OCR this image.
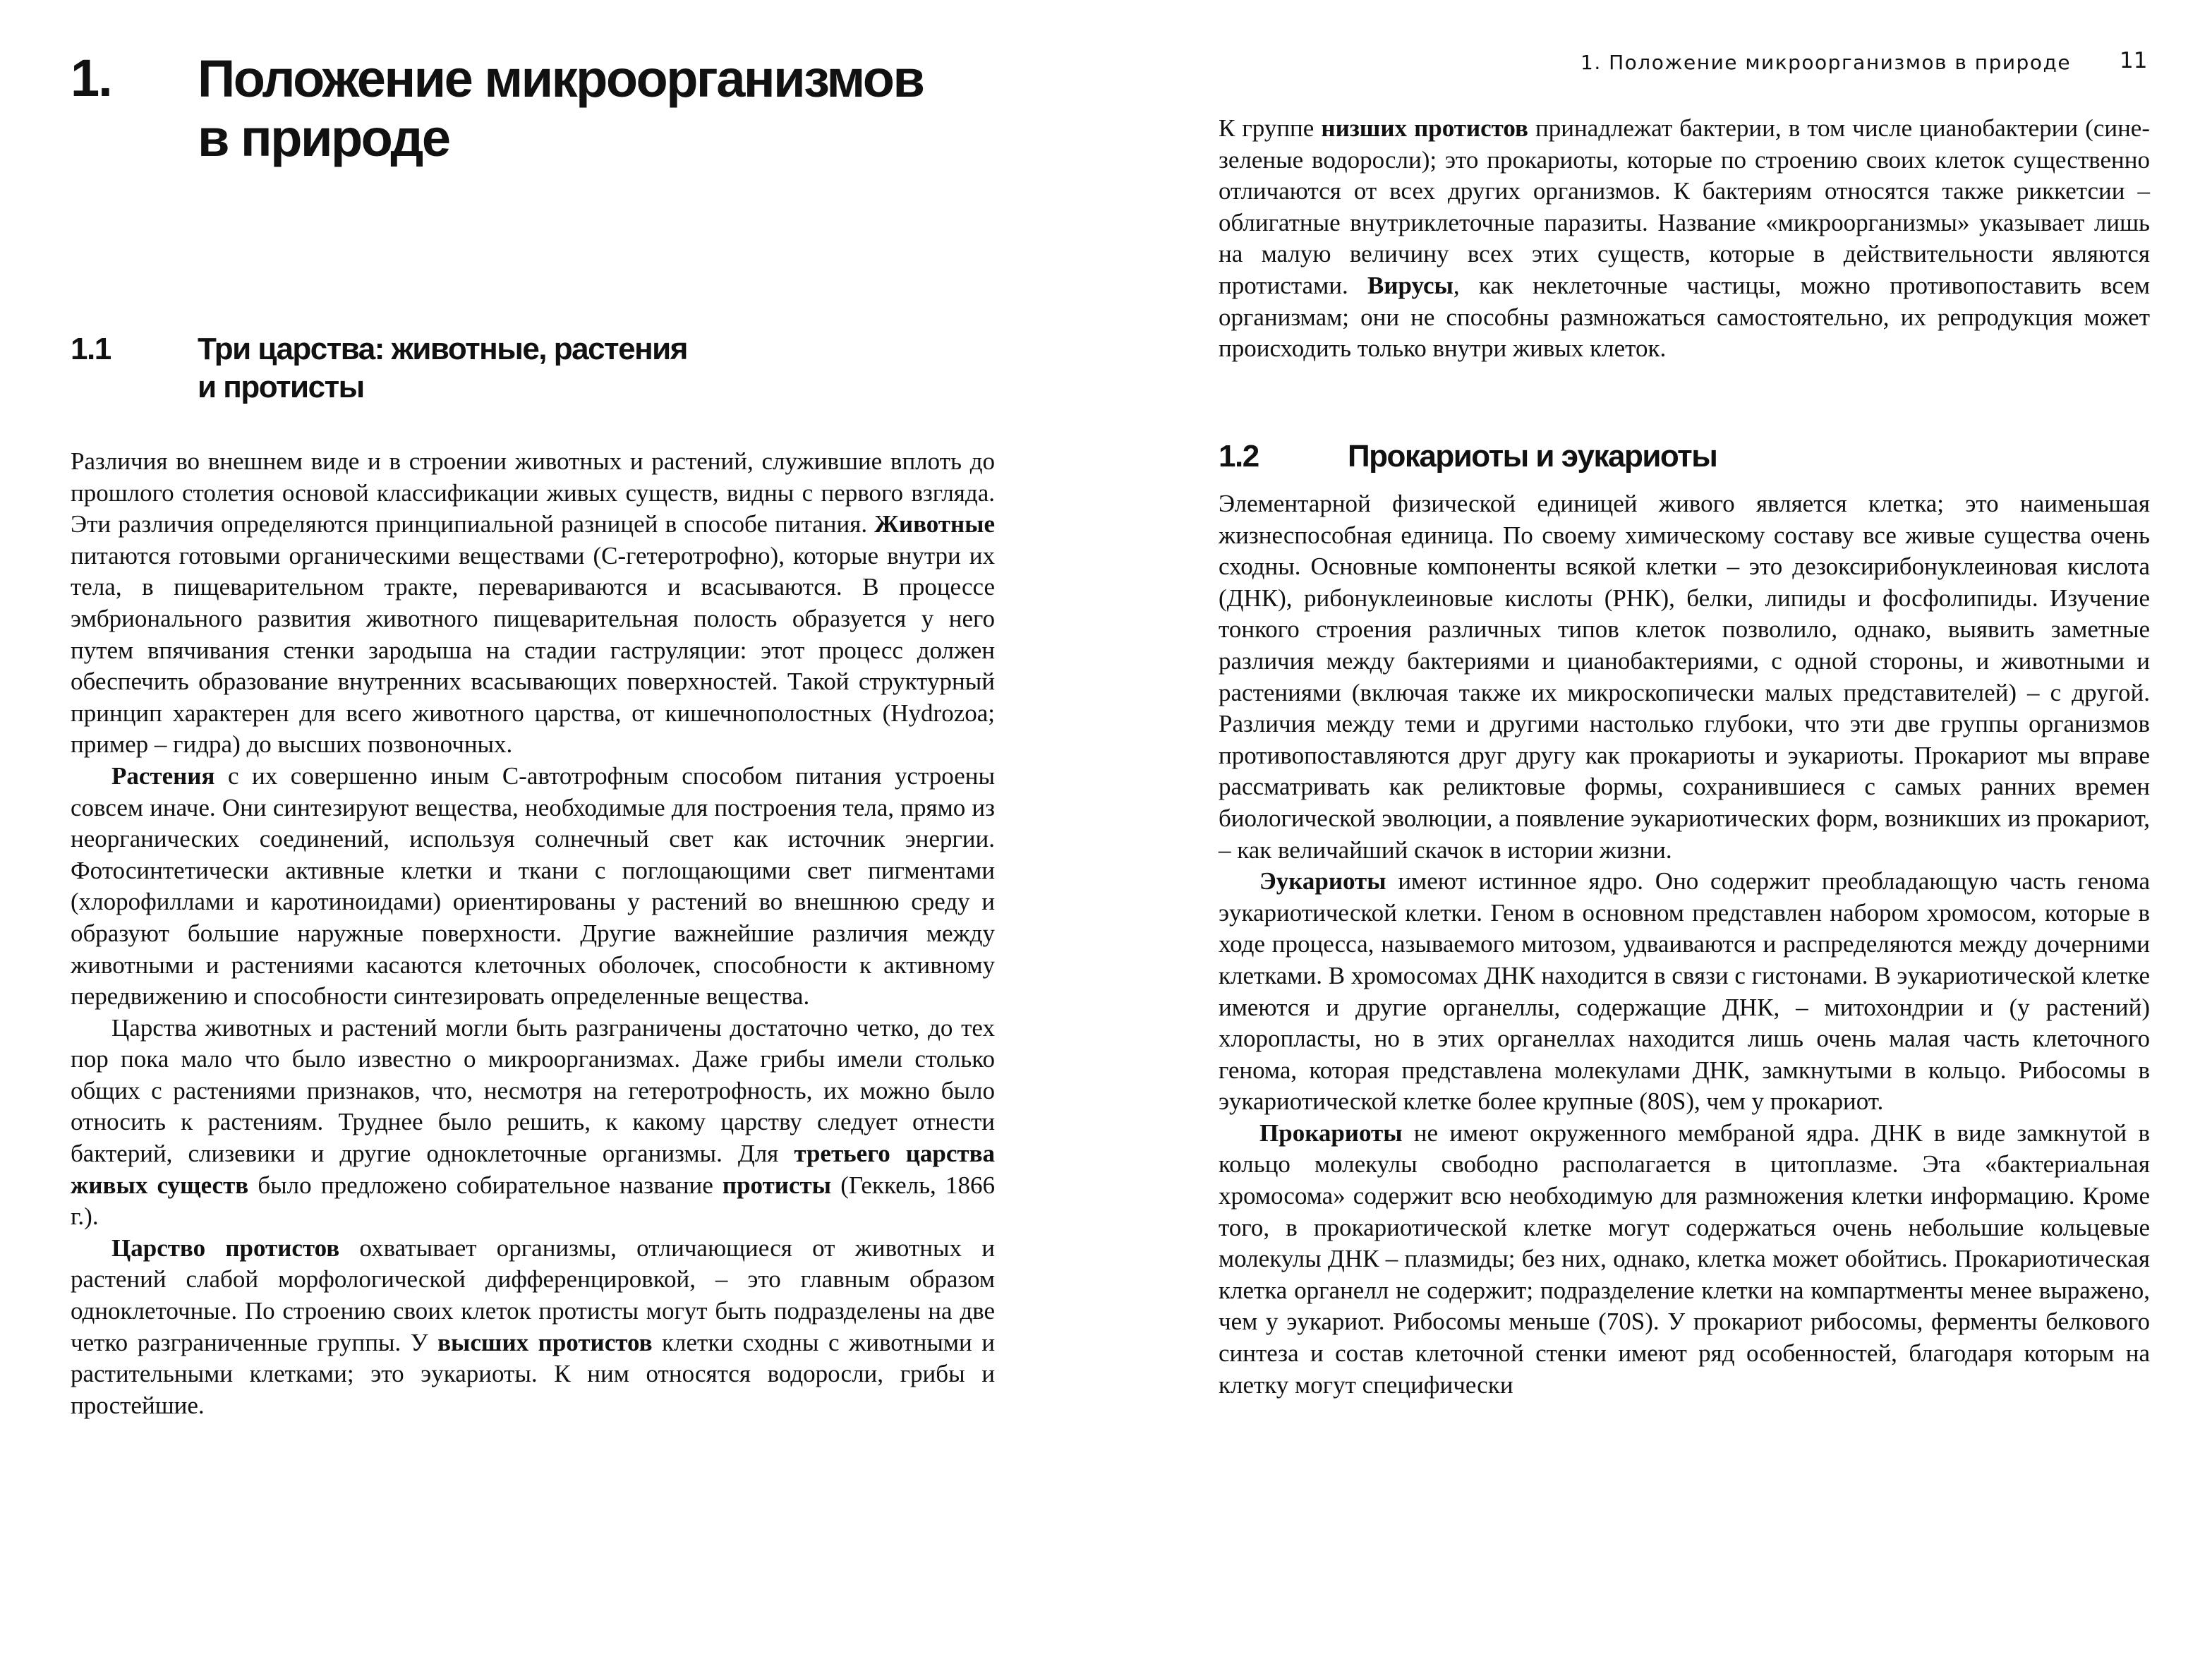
1. Положение микроорганизмов
в природе
1.1	Три царства: животные, растения
и протисты

Различия во внешнем виде и в строении животных и растений, служившие вплоть до прошлого столетия основой классификации живых существ, видны с первого взгляда. Эти различия определяются принципиальной разницей в способе питания. Животные питаются готовыми органическими веществами (С-гетеротрофно), которые внутри их тела, в пищеварительном тракте, перевариваются и всасываются. В процессе эмбрионального развития животного пищеварительная полость образуется у него путем впячивания стенки зародыша на стадии гаструляции: этот процесс должен обеспечить образование внутренних всасывающих поверхностей. Такой структурный принцип характерен для всего животного царства, от кишечнополостных (Hydrozoa; пример – гидра) до высших позвоночных.

Растения с их совершенно иным С-автотрофным способом питания устроены совсем иначе. Они синтезируют вещества, необходимые для построения тела, прямо из неорганических соединений, используя солнечный свет как источник энергии. Фотосинтетически активные клетки и ткани с поглощающими свет пигментами (хлорофиллами и каротиноидами) ориентированы у растений во внешнюю среду и образуют большие наружные поверхности. Другие важнейшие различия между животными и растениями касаются клеточных оболочек, способности к активному передвижению и способности синтезировать определенные вещества.

Царства животных и растений могли быть разграничены достаточно четко, до тех пор пока мало что было известно о микроорганизмах. Даже грибы имели столько общих с растениями признаков, что, несмотря на гетеротрофность, их можно было относить к растениям. Труднее было решить, к какому царству следует отнести бактерий, слизевики и другие одноклеточные организмы. Для третьего царства живых существ было предложено собирательное название протисты (Геккель, 1866 г.).

Царство протистов охватывает организмы, отличающиеся от животных и растений слабой морфологической дифференцировкой, – это главным образом одноклеточные. По строению своих клеток протисты могут быть подразделены на две четко разграниченные группы. У высших протистов клетки сходны с животными и растительными клетками; это эукариоты. К ним относятся водоросли, грибы и простейшие.

1. Положение микроорганизмов в природе 11

К группе низших протистов принадлежат бактерии, в том числе цианобактерии (сине-зеленые водоросли); это прокариоты, которые по строению своих клеток существенно отличаются от всех других организмов. К бактериям относятся также риккетсии – облигатные внутриклеточные паразиты. Название «микроорганизмы» указывает лишь на малую величину всех этих существ, которые в действительности являются протистами. Вирусы, как неклеточные частицы, можно противопоставить всем организмам; они не способны размножаться самостоятельно, их репродукция может происходить только внутри живых клеток.

1.2	Прокариоты и эукариоты

Элементарной физической единицей живого является клетка; это наименьшая жизнеспособная единица. По своему химическому составу все живые существа очень сходны. Основные компоненты всякой клетки – это дезоксирибонуклеиновая кислота (ДНК), рибонуклеиновые кислоты (РНК), белки, липиды и фосфолипиды. Изучение тонкого строения различных типов клеток позволило, однако, выявить заметные различия между бактериями и цианобактериями, с одной стороны, и животными и растениями (включая также их микроскопически малых представителей) – с другой. Различия между теми и другими настолько глубоки, что эти две группы организмов противопоставляются друг другу как прокариоты и эукариоты. Прокариот мы вправе рассматривать как реликтовые формы, сохранившиеся с самых ранних времен биологической эволюции, а появление эукариотических форм, возникших из прокариот, – как величайший скачок в истории жизни.

Эукариоты имеют истинное ядро. Оно содержит преобладающую часть генома эукариотической клетки. Геном в основном представлен набором хромосом, которые в ходе процесса, называемого митозом, удваиваются и распределяются между дочерними клетками. В хромосомах ДНК находится в связи с гистонами. В эукариотической клетке имеются и другие органеллы, содержащие ДНК, – митохондрии и (у растений) хлоропласты, но в этих органеллах находится лишь очень малая часть клеточного генома, которая представлена молекулами ДНК, замкнутыми в кольцо. Рибосомы в эукариотической клетке более крупные (80S), чем у прокариот.

Прокариоты не имеют окруженного мембраной ядра. ДНК в виде замкнутой в кольцо молекулы свободно располагается в цитоплазме. Эта «бактериальная хромосома» содержит всю необходимую для размножения клетки информацию. Кроме того, в прокариотической клетке могут содержаться очень небольшие кольцевые молекулы ДНК – плазмиды; без них, однако, клетка может обойтись. Прокариотическая клетка органелл не содержит; подразделение клетки на компартменты менее выражено, чем у эукариот. Рибосомы меньше (70S). У прокариот рибосомы, ферменты белкового синтеза и состав клеточной стенки имеют ряд особенностей, благодаря которым на клетку могут специфически
